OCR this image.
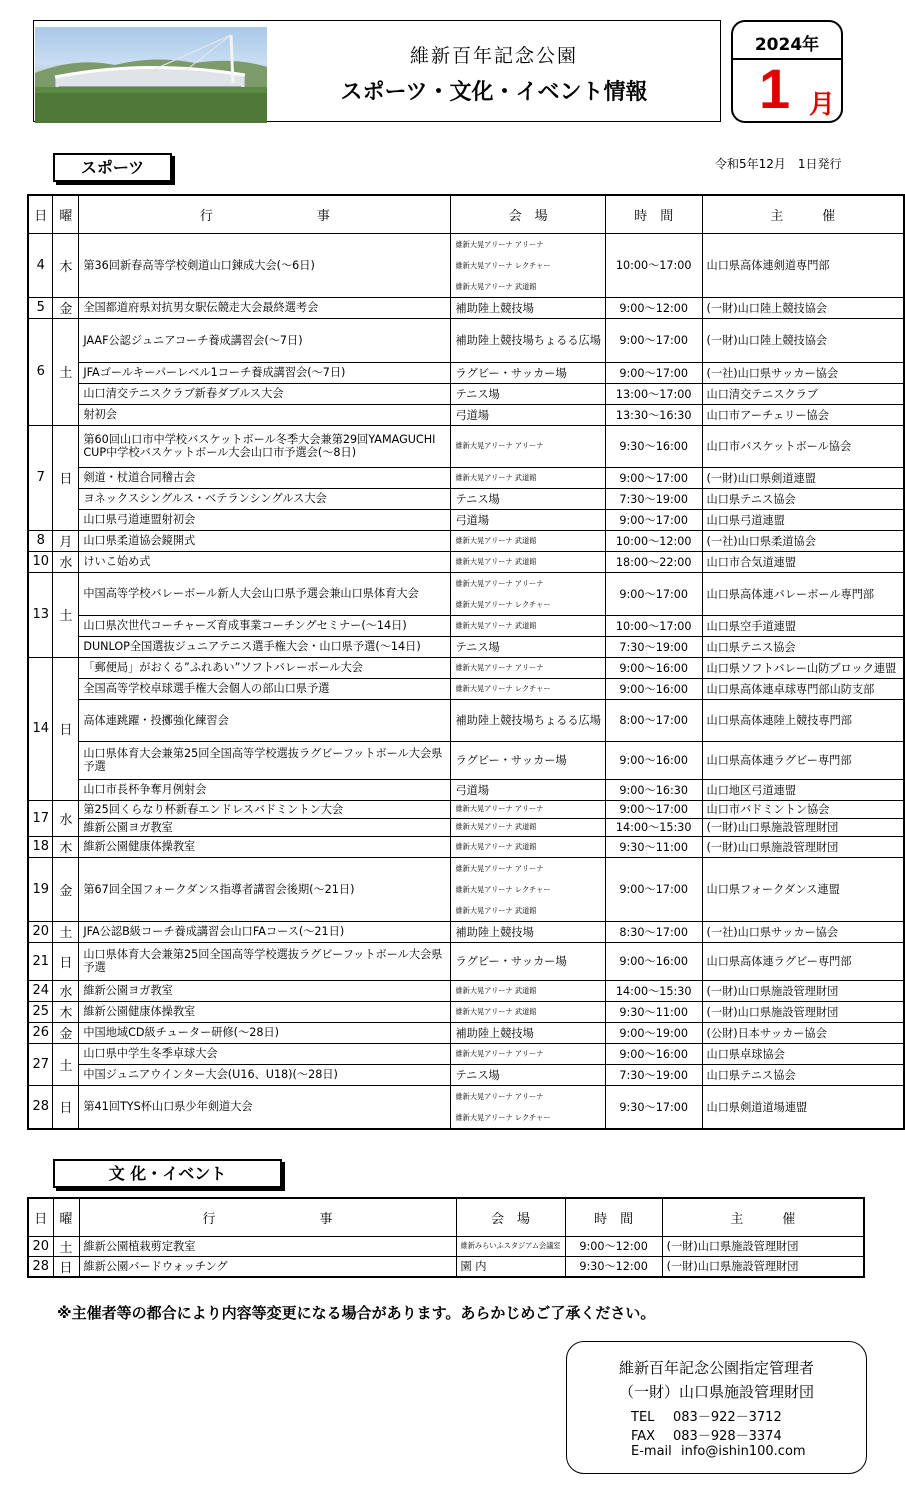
維新百年記念公園
スポーツ・文化・イベント情報
2024年
1 月
スポーツ	令和5年12月　1日発行
日	曜	行　　　　　　　　事	会　場	時　間	主　　　催
4	木	第36回新春高等学校剣道山口錬成大会(～6日)	維新大晃アリーナ アリーナ
維新大晃アリーナ レクチャー
維新大晃アリーナ 武道館	10:00～17:00	山口県高体連剣道専門部
5	金	全国都道府県対抗男女駅伝競走大会最終選考会	補助陸上競技場	9:00～12:00	(一財)山口陸上競技協会
6	土	JAAF公認ジュニアコーチ養成講習会(～7日)	補助陸上競技場ちょるる広場	9:00～17:00	(一財)山口陸上競技協会
		JFAゴールキーパーレベル1コーチ養成講習会(～7日)	ラグビー・サッカー場	9:00～17:00	(一社)山口県サッカー協会
		山口清交テニスクラブ新春ダブルス大会	テニス場	13:00～17:00	山口清交テニスクラブ
		射初会	弓道場	13:30～16:30	山口市アーチェリー協会
7	日	第60回山口市中学校バスケットボール冬季大会兼第29回YAMAGUCHI CUP中学校バスケットボール大会山口市予選会(～8日)	維新大晃アリーナ アリーナ	9:30～16:00	山口市バスケットボール協会
		剣道・杖道合同稽古会	維新大晃アリーナ 武道館	9:00～17:00	(一財)山口県剣道連盟
		ヨネックスシングルス・ベテランシングルス大会	テニス場	7:30～19:00	山口県テニス協会
		山口県弓道連盟射初会	弓道場	9:00～17:00	山口県弓道連盟
8	月	山口県柔道協会鏡開式	維新大晃アリーナ 武道館	10:00～12:00	(一社)山口県柔道協会
10	水	けいこ始め式	維新大晃アリーナ 武道館	18:00～22:00	山口市合気道連盟
13	土	中国高等学校バレーボール新人大会山口県予選会兼山口県体育大会	維新大晃アリーナ アリーナ
維新大晃アリーナ レクチャー	9:00～17:00	山口県高体連バレーボール専門部
		山口県次世代コーチャーズ育成事業コーチングセミナー(～14日)	維新大晃アリーナ 武道館	10:00～17:00	山口県空手道連盟
		DUNLOP全国選抜ジュニアテニス選手権大会・山口県予選(～14日)	テニス場	7:30～19:00	山口県テニス協会
14	日	「郵便局」がおくる”ふれあい”ソフトバレーボール大会	維新大晃アリーナ アリーナ	9:00～16:00	山口県ソフトバレー山防ブロック連盟
		全国高等学校卓球選手権大会個人の部山口県予選	維新大晃アリーナ レクチャー	9:00～16:00	山口県高体連卓球専門部山防支部
		高体連跳躍・投擲強化練習会	補助陸上競技場ちょるる広場	8:00～17:00	山口県高体連陸上競技専門部
		山口県体育大会兼第25回全国高等学校選抜ラグビーフットボール大会県予選	ラグビー・サッカー場	9:00～16:00	山口県高体連ラグビー専門部
		山口市長杯争奪月例射会	弓道場	9:00～16:30	山口地区弓道連盟
17	水	第25回くらなり杯新春エンドレスバドミントン大会	維新大晃アリーナ アリーナ	9:00～17:00	山口市バドミントン協会
		維新公園ヨガ教室	維新大晃アリーナ 武道館	14:00～15:30	(一財)山口県施設管理財団
18	木	維新公園健康体操教室	維新大晃アリーナ 武道館	9:30～11:00	(一財)山口県施設管理財団
19	金	第67回全国フォークダンス指導者講習会後期(～21日)	維新大晃アリーナ アリーナ
維新大晃アリーナ レクチャー
維新大晃アリーナ 武道館	9:00～17:00	山口県フォークダンス連盟
20	土	JFA公認B級コーチ養成講習会山口FAコース(～21日)	補助陸上競技場	8:30～17:00	(一社)山口県サッカー協会
21	日	山口県体育大会兼第25回全国高等学校選抜ラグビーフットボール大会県予選	ラグビー・サッカー場	9:00～16:00	山口県高体連ラグビー専門部
24	水	維新公園ヨガ教室	維新大晃アリーナ 武道館	14:00～15:30	(一財)山口県施設管理財団
25	木	維新公園健康体操教室	維新大晃アリーナ 武道館	9:30～11:00	(一財)山口県施設管理財団
26	金	中国地域CD級チューター研修(～28日)	補助陸上競技場	9:00～19:00	(公財)日本サッカー協会
27	土	山口県中学生冬季卓球大会	維新大晃アリーナ アリーナ	9:00～16:00	山口県卓球協会
		中国ジュニアウインター大会(U16、U18)(～28日)	テニス場	7:30～19:00	山口県テニス協会
28	日	第41回TYS杯山口県少年剣道大会	維新大晃アリーナ アリーナ
維新大晃アリーナ レクチャー	9:30～17:00	山口県剣道道場連盟
文 化・イベント
日	曜	行　　　　　　　　事	会　場	時　間	主　　　催
20	土	維新公園植栽剪定教室	維新みらいふスタジアム会議室	9:00～12:00	(一財)山口県施設管理財団
28	日	維新公園バードウォッチング	園 内	9:30～12:00	(一財)山口県施設管理財団
※主催者等の都合により内容等変更になる場合があります。あらかじめご了承ください。
維新百年記念公園指定管理者
（一財）山口県施設管理財団
TEL 083－922－3712
FAX 083－928－3374
E-mail info@ishin100.com
